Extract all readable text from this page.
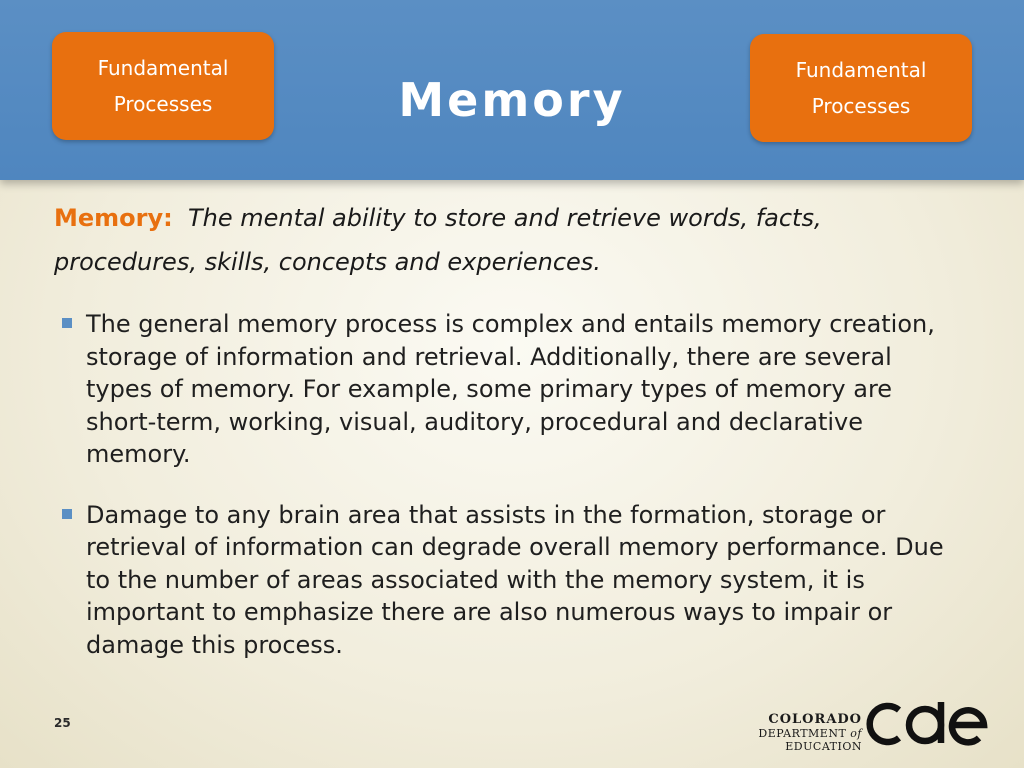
Fundamental
Processes	Memory
Fundamental
Processes
Memory: The mental ability to store and retrieve words, facts, procedures, skills, concepts and experiences.
The general memory process is complex and entails memory creation, storage of information and retrieval. Additionally, there are several types of memory. For example, some primary types of memory are short-term, working, visual, auditory, procedural and declarative memory.
Damage to any brain area that assists in the formation, storage or retrieval of information can degrade overall memory performance. Due to the number of areas associated with the memory system, it is important to emphasize there are also numerous ways to impair or damage this process.
25	COLORADO
DEPARTMENT of EDUCATION
